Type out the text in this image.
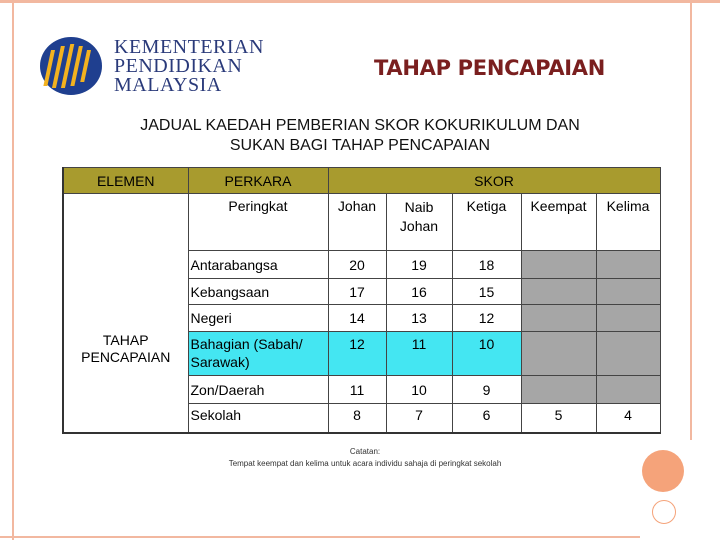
KEMENTERIAN
PENDIDIKAN
MALAYSIA
TAHAP PENCAPAIAN
JADUAL KAEDAH PEMBERIAN SKOR KOKURIKULUM DAN
SUKAN BAGI TAHAP PENCAPAIAN
ELEMEN	PERKARA	SKOR				

TAHAP PENCAPAIAN	Peringkat	Johan	Naib Johan	Ketiga	Keempat	Kelima
	Antarabangsa	20	19	18		
	Kebangsaan	17	16	15		
	Negeri	14	13	12		
	Bahagian (Sabah/ Sarawak)	12	11	10		
	Zon/Daerah	11	10	9		
	Sekolah	8	7	6	5	4
Catatan:
Tempat keempat dan kelima untuk acara individu sahaja di peringkat sekolah
